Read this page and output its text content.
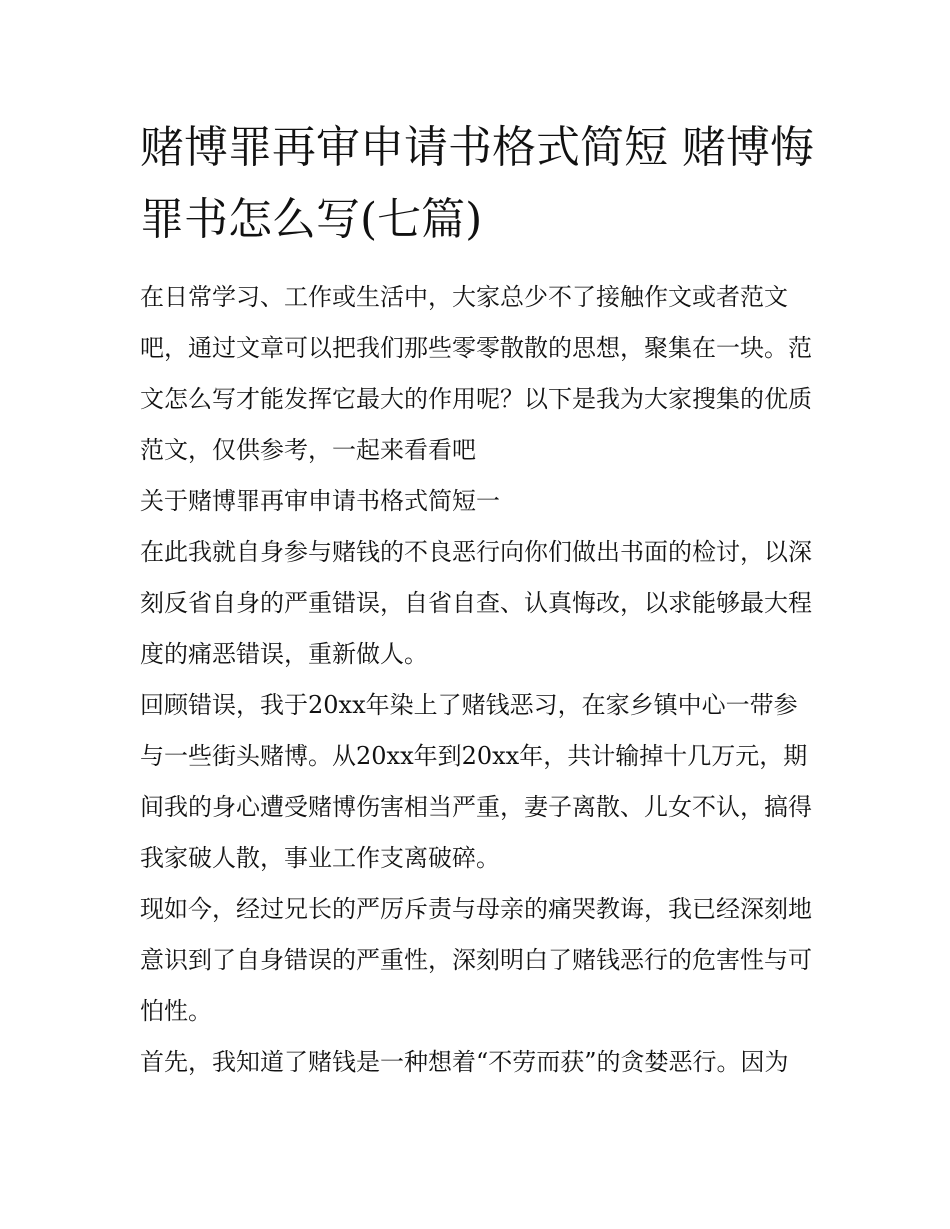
赌博罪再审申请书格式简短 赌博悔罪书怎么写(七篇)

在日常学习、工作或生活中，大家总少不了接触作文或者范文吧，通过文章可以把我们那些零零散散的思想，聚集在一块。范文怎么写才能发挥它最大的作用呢？以下是我为大家搜集的优质范文，仅供参考，一起来看看吧

关于赌博罪再审申请书格式简短一

在此我就自身参与赌钱的不良恶行向你们做出书面的检讨，以深刻反省自身的严重错误，自省自查、认真悔改，以求能够最大程度的痛恶错误，重新做人。

回顾错误，我于20xx年染上了赌钱恶习，在家乡镇中心一带参与一些街头赌博。从20xx年到20xx年，共计输掉十几万元，期间我的身心遭受赌博伤害相当严重，妻子离散、儿女不认，搞得我家破人散，事业工作支离破碎。

现如今，经过兄长的严厉斥责与母亲的痛哭教诲，我已经深刻地意识到了自身错误的严重性，深刻明白了赌钱恶行的危害性与可怕性。

首先，我知道了赌钱是一种想着“不劳而获”的贪婪恶行。因为
